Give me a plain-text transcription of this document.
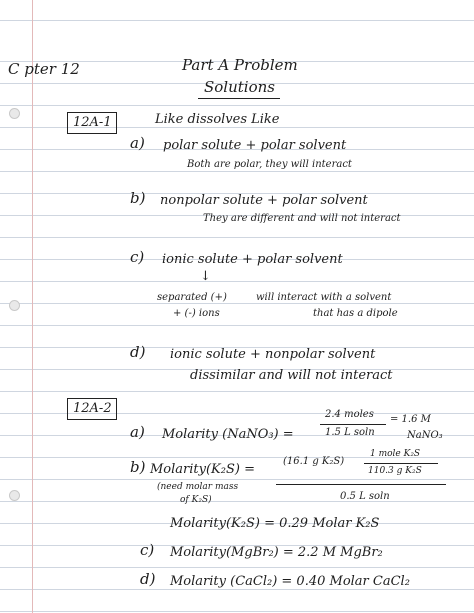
C pter 12	Part A Problem
Solutions
12A-1	Like dissolves Like
a) polar solute + polar solvent
Both are polar, they will interact
b) nonpolar solute + polar solvent
They are different and will not interact
c) ionic solute + polar solvent
↓
separated (+)
+ (-) ions
will interact with a solvent
that has a dipole
d) ionic solute + nonpolar solvent
dissimilar and will not interact
12A-2
a) Molarity (NaNO₃) =
2.4 moles
1.5 L soln
= 1.6 M
NaNO₃
b) Molarity(K₂S) =
(16.1 g K₂S)
1 mole K₂S
110.3 g K₂S
0.5 L soln
(need molar mass
of K₂S)
Molarity(K₂S) = 0.29 Molar K₂S
c) Molarity(MgBr₂) = 2.2 M MgBr₂
d) Molarity (CaCl₂) = 0.40 Molar CaCl₂
